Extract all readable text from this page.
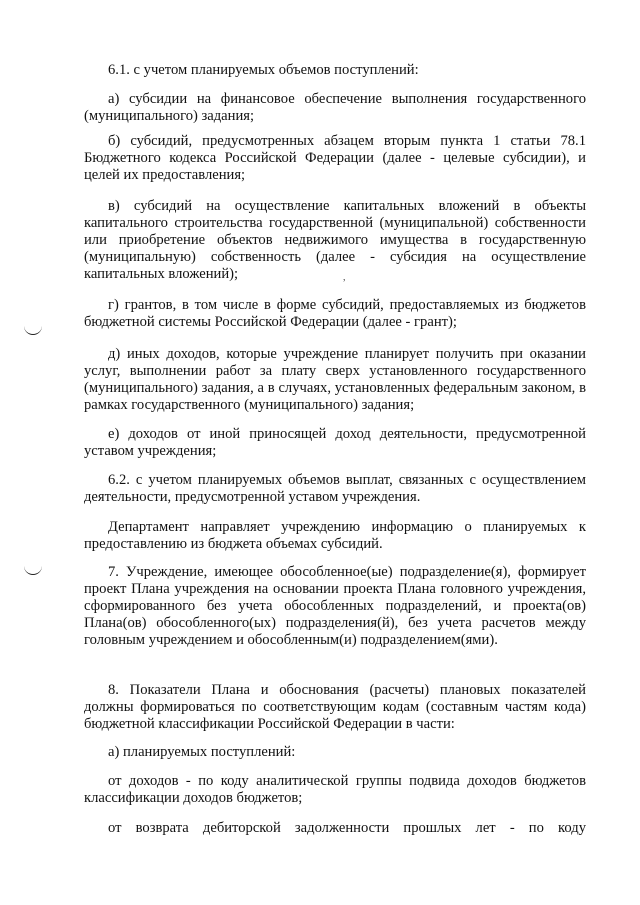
,

6.1. с учетом планируемых объемов поступлений:

а) субсидии на финансовое обеспечение выполнения государственного (муниципального) задания;

б) субсидий, предусмотренных абзацем вторым пункта 1 статьи 78.1 Бюджетного кодекса Российской Федерации (далее - целевые субсидии), и целей их предоставления;

в) субсидий на осуществление капитальных вложений в объекты капитального строительства государственной (муниципальной) собственности или приобретение объектов недвижимого имущества в государственную (муниципальную) собственность (далее - субсидия на осуществление капитальных вложений);

г) грантов, в том числе в форме субсидий, предоставляемых из бюджетов бюджетной системы Российской Федерации (далее - грант);

д) иных доходов, которые учреждение планирует получить при оказании услуг, выполнении работ за плату сверх установленного государственного (муниципального) задания, а в случаях, установленных федеральным законом, в рамках государственного (муниципального) задания;

е) доходов от иной приносящей доход деятельности, предусмотренной уставом учреждения;

6.2. с учетом планируемых объемов выплат, связанных с осуществлением деятельности, предусмотренной уставом учреждения.

Департамент направляет учреждению информацию о планируемых к предоставлению из бюджета объемах субсидий.

7. Учреждение, имеющее обособленное(ые) подразделение(я), формирует проект Плана учреждения на основании проекта Плана головного учреждения, сформированного без учета обособленных подразделений, и проекта(ов) Плана(ов) обособленного(ых) подразделения(й), без учета расчетов между головным учреждением и обособленным(и) подразделением(ями).

8. Показатели Плана и обоснования (расчеты) плановых показателей должны формироваться по соответствующим кодам (составным частям кода) бюджетной классификации Российской Федерации в части:

а) планируемых поступлений:

от доходов - по коду аналитической группы подвида доходов бюджетов классификации доходов бюджетов;

от возврата дебиторской задолженности прошлых лет - по коду
